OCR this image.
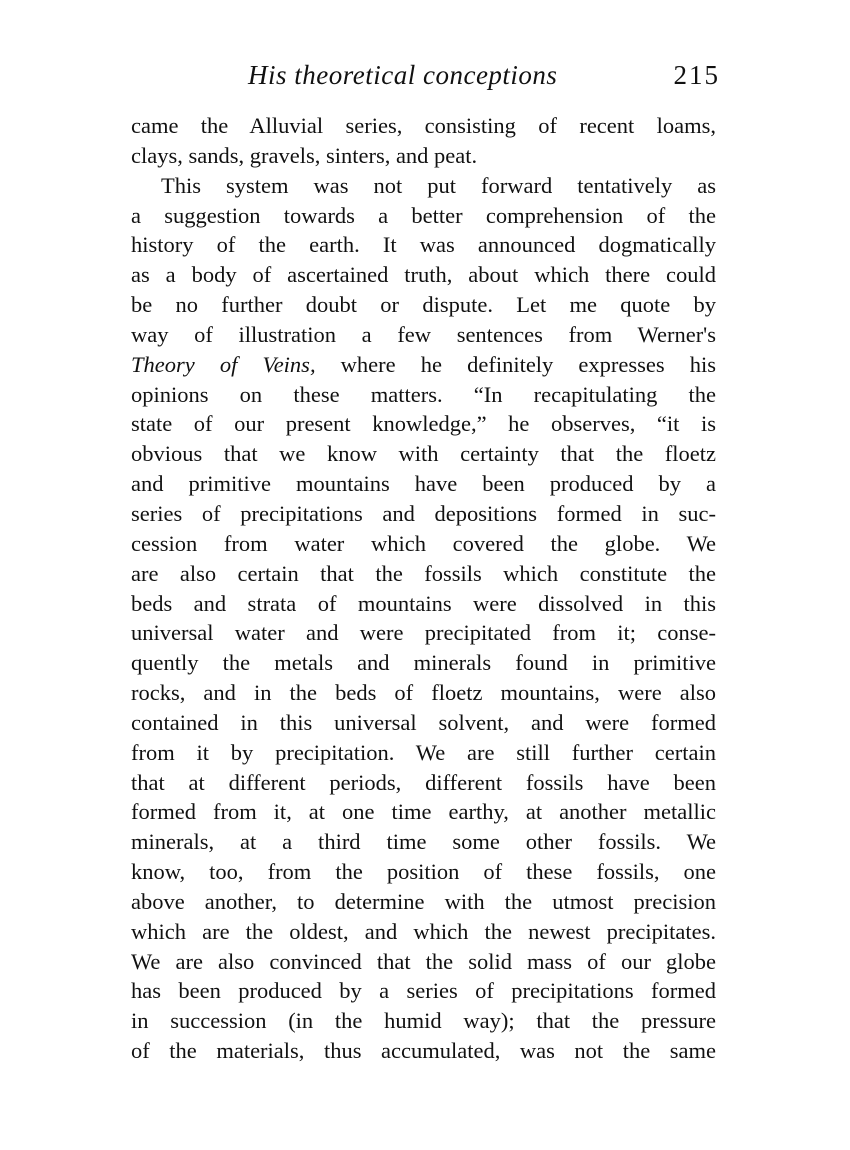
His theoretical conceptions	215
came the Alluvial series, consisting of recent loams,
clays, sands, gravels, sinters, and peat.
This system was not put forward tentatively as
a suggestion towards a better comprehension of the
history of the earth. It was announced dogmatically
as a body of ascertained truth, about which there could
be no further doubt or dispute. Let me quote by
way of illustration a few sentences from Werner's
Theory of Veins, where he definitely expresses his
opinions on these matters. “In recapitulating the
state of our present knowledge,” he observes, “it is
obvious that we know with certainty that the floetz
and primitive mountains have been produced by a
series of precipitations and depositions formed in suc-
cession from water which covered the globe. We
are also certain that the fossils which constitute the
beds and strata of mountains were dissolved in this
universal water and were precipitated from it; conse-
quently the metals and minerals found in primitive
rocks, and in the beds of floetz mountains, were also
contained in this universal solvent, and were formed
from it by precipitation. We are still further certain
that at different periods, different fossils have been
formed from it, at one time earthy, at another metallic
minerals, at a third time some other fossils. We
know, too, from the position of these fossils, one
above another, to determine with the utmost precision
which are the oldest, and which the newest precipitates.
We are also convinced that the solid mass of our globe
has been produced by a series of precipitations formed
in succession (in the humid way); that the pressure
of the materials, thus accumulated, was not the same
